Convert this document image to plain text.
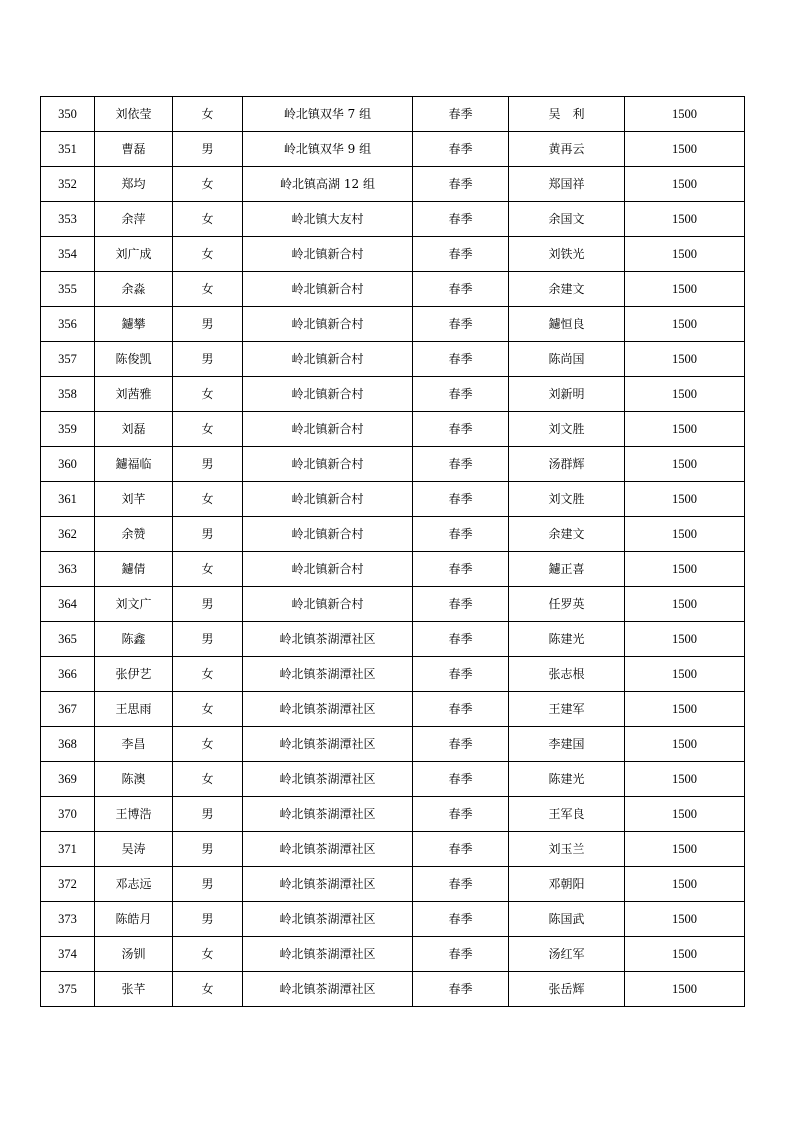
350	刘依莹	女	岭北镇双华 7 组	春季	吴　利	1500
351	曹磊	男	岭北镇双华 9 组	春季	黄再云	1500
352	郑均	女	岭北镇高湖 12 组	春季	郑国祥	1500
353	余萍	女	岭北镇大友村	春季	余国文	1500
354	刘广成	女	岭北镇新合村	春季	刘铁光	1500
355	余淼	女	岭北镇新合村	春季	余建文	1500
356	鑢攀	男	岭北镇新合村	春季	鑢恒良	1500
357	陈俊凯	男	岭北镇新合村	春季	陈尚国	1500
358	刘茜雅	女	岭北镇新合村	春季	刘新明	1500
359	刘磊	女	岭北镇新合村	春季	刘文胜	1500
360	鑢福临	男	岭北镇新合村	春季	汤群辉	1500
361	刘芊	女	岭北镇新合村	春季	刘文胜	1500
362	余赞	男	岭北镇新合村	春季	余建文	1500
363	鑢倩	女	岭北镇新合村	春季	鑢正喜	1500
364	刘文广	男	岭北镇新合村	春季	任罗英	1500
365	陈鑫	男	岭北镇茶湖潭社区	春季	陈建光	1500
366	张伊艺	女	岭北镇茶湖潭社区	春季	张志根	1500
367	王思雨	女	岭北镇茶湖潭社区	春季	王建军	1500
368	李昌	女	岭北镇茶湖潭社区	春季	李建国	1500
369	陈澳	女	岭北镇茶湖潭社区	春季	陈建光	1500
370	王博浩	男	岭北镇茶湖潭社区	春季	王军良	1500
371	吴涛	男	岭北镇茶湖潭社区	春季	刘玉兰	1500
372	邓志远	男	岭北镇茶湖潭社区	春季	邓朝阳	1500
373	陈皓月	男	岭北镇茶湖潭社区	春季	陈国武	1500
374	汤钏	女	岭北镇茶湖潭社区	春季	汤红军	1500
375	张芊	女	岭北镇茶湖潭社区	春季	张岳辉	1500
